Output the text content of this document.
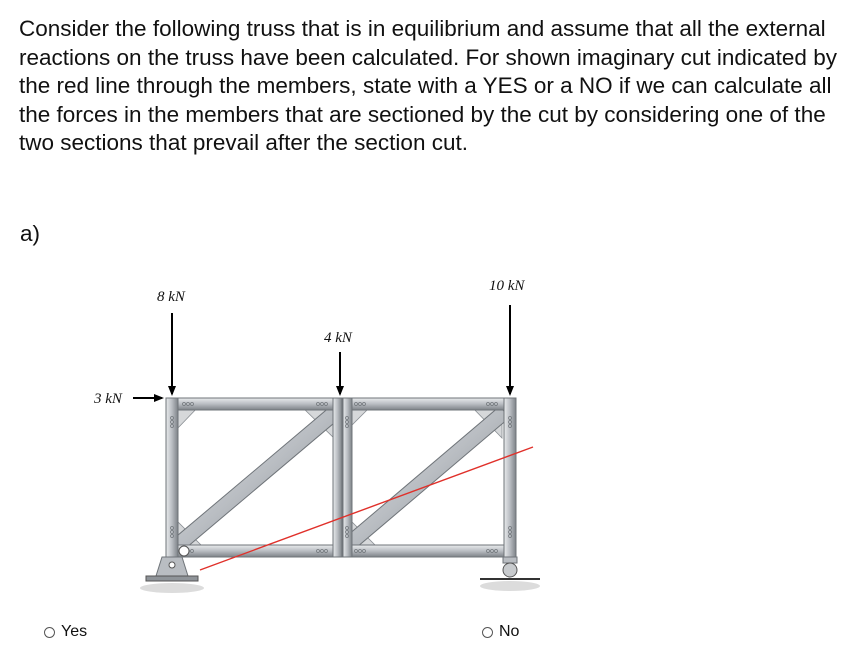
Consider the following truss that is in equilibrium and assume that all the external reactions on the truss have been calculated. For shown imaginary cut indicated by the red line through the members, state with a YES or a NO if we can calculate all the forces in the members that are sectioned by the cut by considering one of the two sections that prevail after the section cut.

a)
8 kN
4 kN
10 kN
3 kN
Yes	No
